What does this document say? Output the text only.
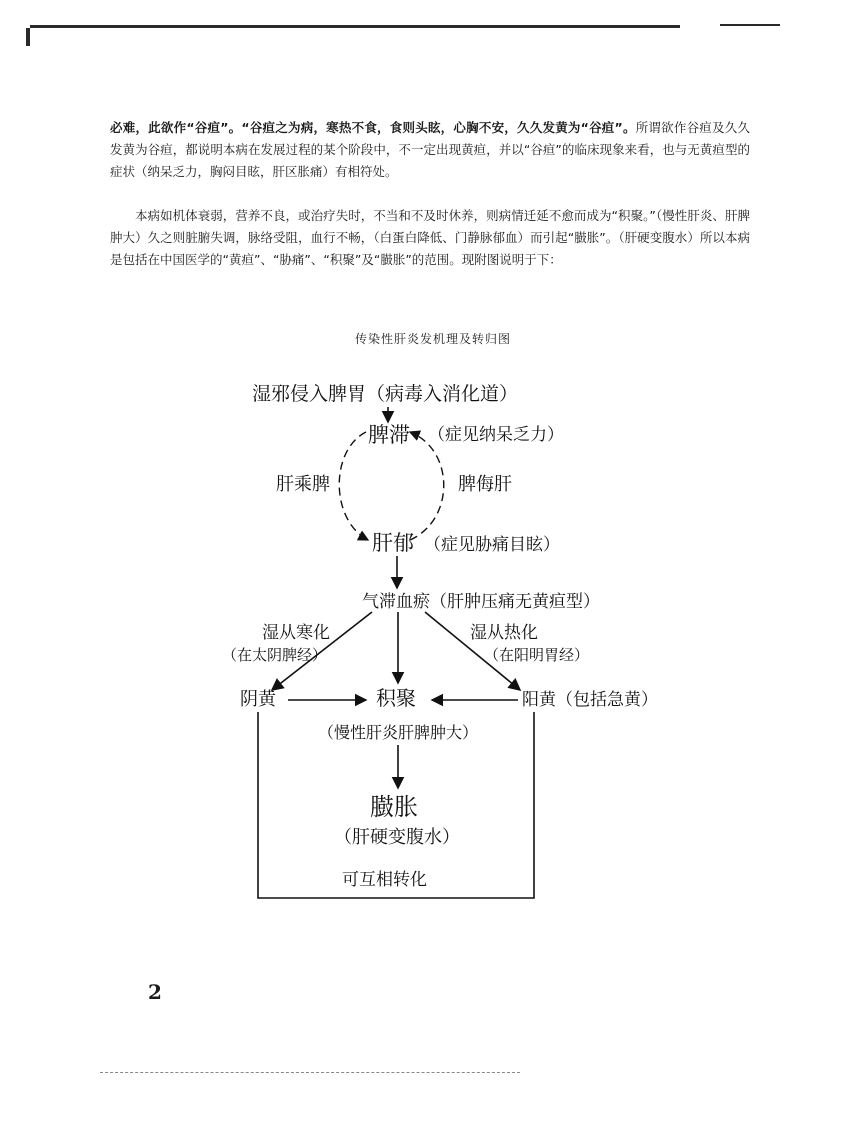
必难，此欲作“谷疸”。“谷疸之为病，寒热不食，食则头眩，心胸不安，久久发黄为“谷疸”。所谓欲作谷疸及久久发黄为谷疸，都说明本病在发展过程的某个阶段中，不一定出现黄疸，并以“谷疸”的临床现象来看，也与无黄疸型的症状（纳呆乏力，胸闷目眩，肝区胀痛）有相符处。

本病如机体衰弱，营养不良，或治疗失时，不当和不及时休养，则病情迁延不愈而成为“积聚。”（慢性肝炎、肝脾肿大）久之则脏腑失调，脉络受阻，血行不畅，（白蛋白降低、门静脉郁血）而引起“臌胀”。（肝硬变腹水）所以本病是包括在中国医学的“黄疸”、“胁痛”、“积聚”及“臌胀”的范围。现附图说明于下：

传染性肝炎发机理及转归图
湿邪侵入脾胃（病毒入消化道）
脾滞 （症见纳呆乏力）
肝乘脾	脾侮肝
肝郁 （症见胁痛目眩）
气滞血瘀（肝肿压痛无黄疸型）
湿从寒化
（在太阴脾经）
湿从热化
（在阳明胃经）
阴黄	积聚	阳黄（包括急黄）
（慢性肝炎肝脾肿大）
臌胀
（肝硬变腹水）
可互相转化
2
